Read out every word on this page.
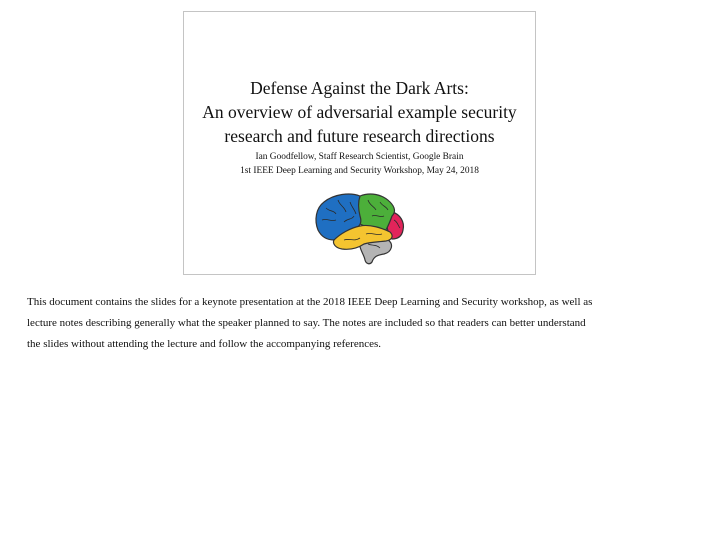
Defense Against the Dark Arts:
An overview of adversarial example security
research and future research directions
Ian Goodfellow, Staff Research Scientist, Google Brain
1st IEEE Deep Learning and Security Workshop, May 24, 2018
This document contains the slides for a keynote presentation at the 2018 IEEE Deep Learning and Security workshop, as well as
lecture notes describing generally what the speaker planned to say. The notes are included so that readers can better understand
the slides without attending the lecture and follow the accompanying references.
